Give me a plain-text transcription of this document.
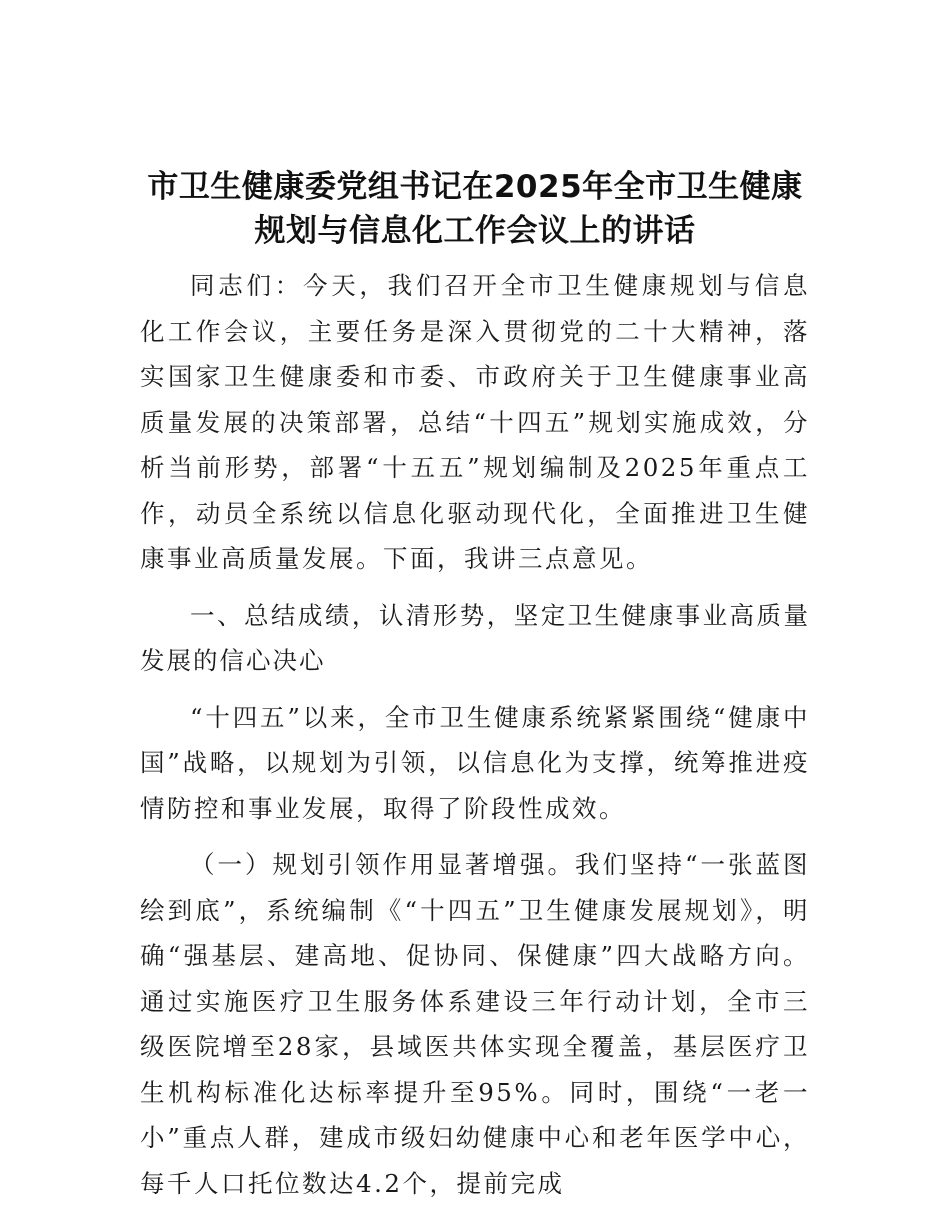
市卫生健康委党组书记在2025年全市卫生健康
规划与信息化工作会议上的讲话

同志们：今天，我们召开全市卫生健康规划与信息化工作会议，主要任务是深入贯彻党的二十大精神，落实国家卫生健康委和市委、市政府关于卫生健康事业高质量发展的决策部署，总结“十四五”规划实施成效，分析当前形势，部署“十五五”规划编制及2025年重点工作，动员全系统以信息化驱动现代化，全面推进卫生健康事业高质量发展。下面，我讲三点意见。

一、总结成绩，认清形势，坚定卫生健康事业高质量发展的信心决心

“十四五”以来，全市卫生健康系统紧紧围绕“健康中国”战略，以规划为引领，以信息化为支撑，统筹推进疫情防控和事业发展，取得了阶段性成效。

（一）规划引领作用显著增强。我们坚持“一张蓝图绘到底”，系统编制《“十四五”卫生健康发展规划》，明确“强基层、建高地、促协同、保健康”四大战略方向。通过实施医疗卫生服务体系建设三年行动计划，全市三级医院增至28家，县域医共体实现全覆盖，基层医疗卫生机构标准化达标率提升至95%。同时，围绕“一老一小”重点人群，建成市级妇幼健康中心和老年医学中心，每千人口托位数达4.2个，提前完成
